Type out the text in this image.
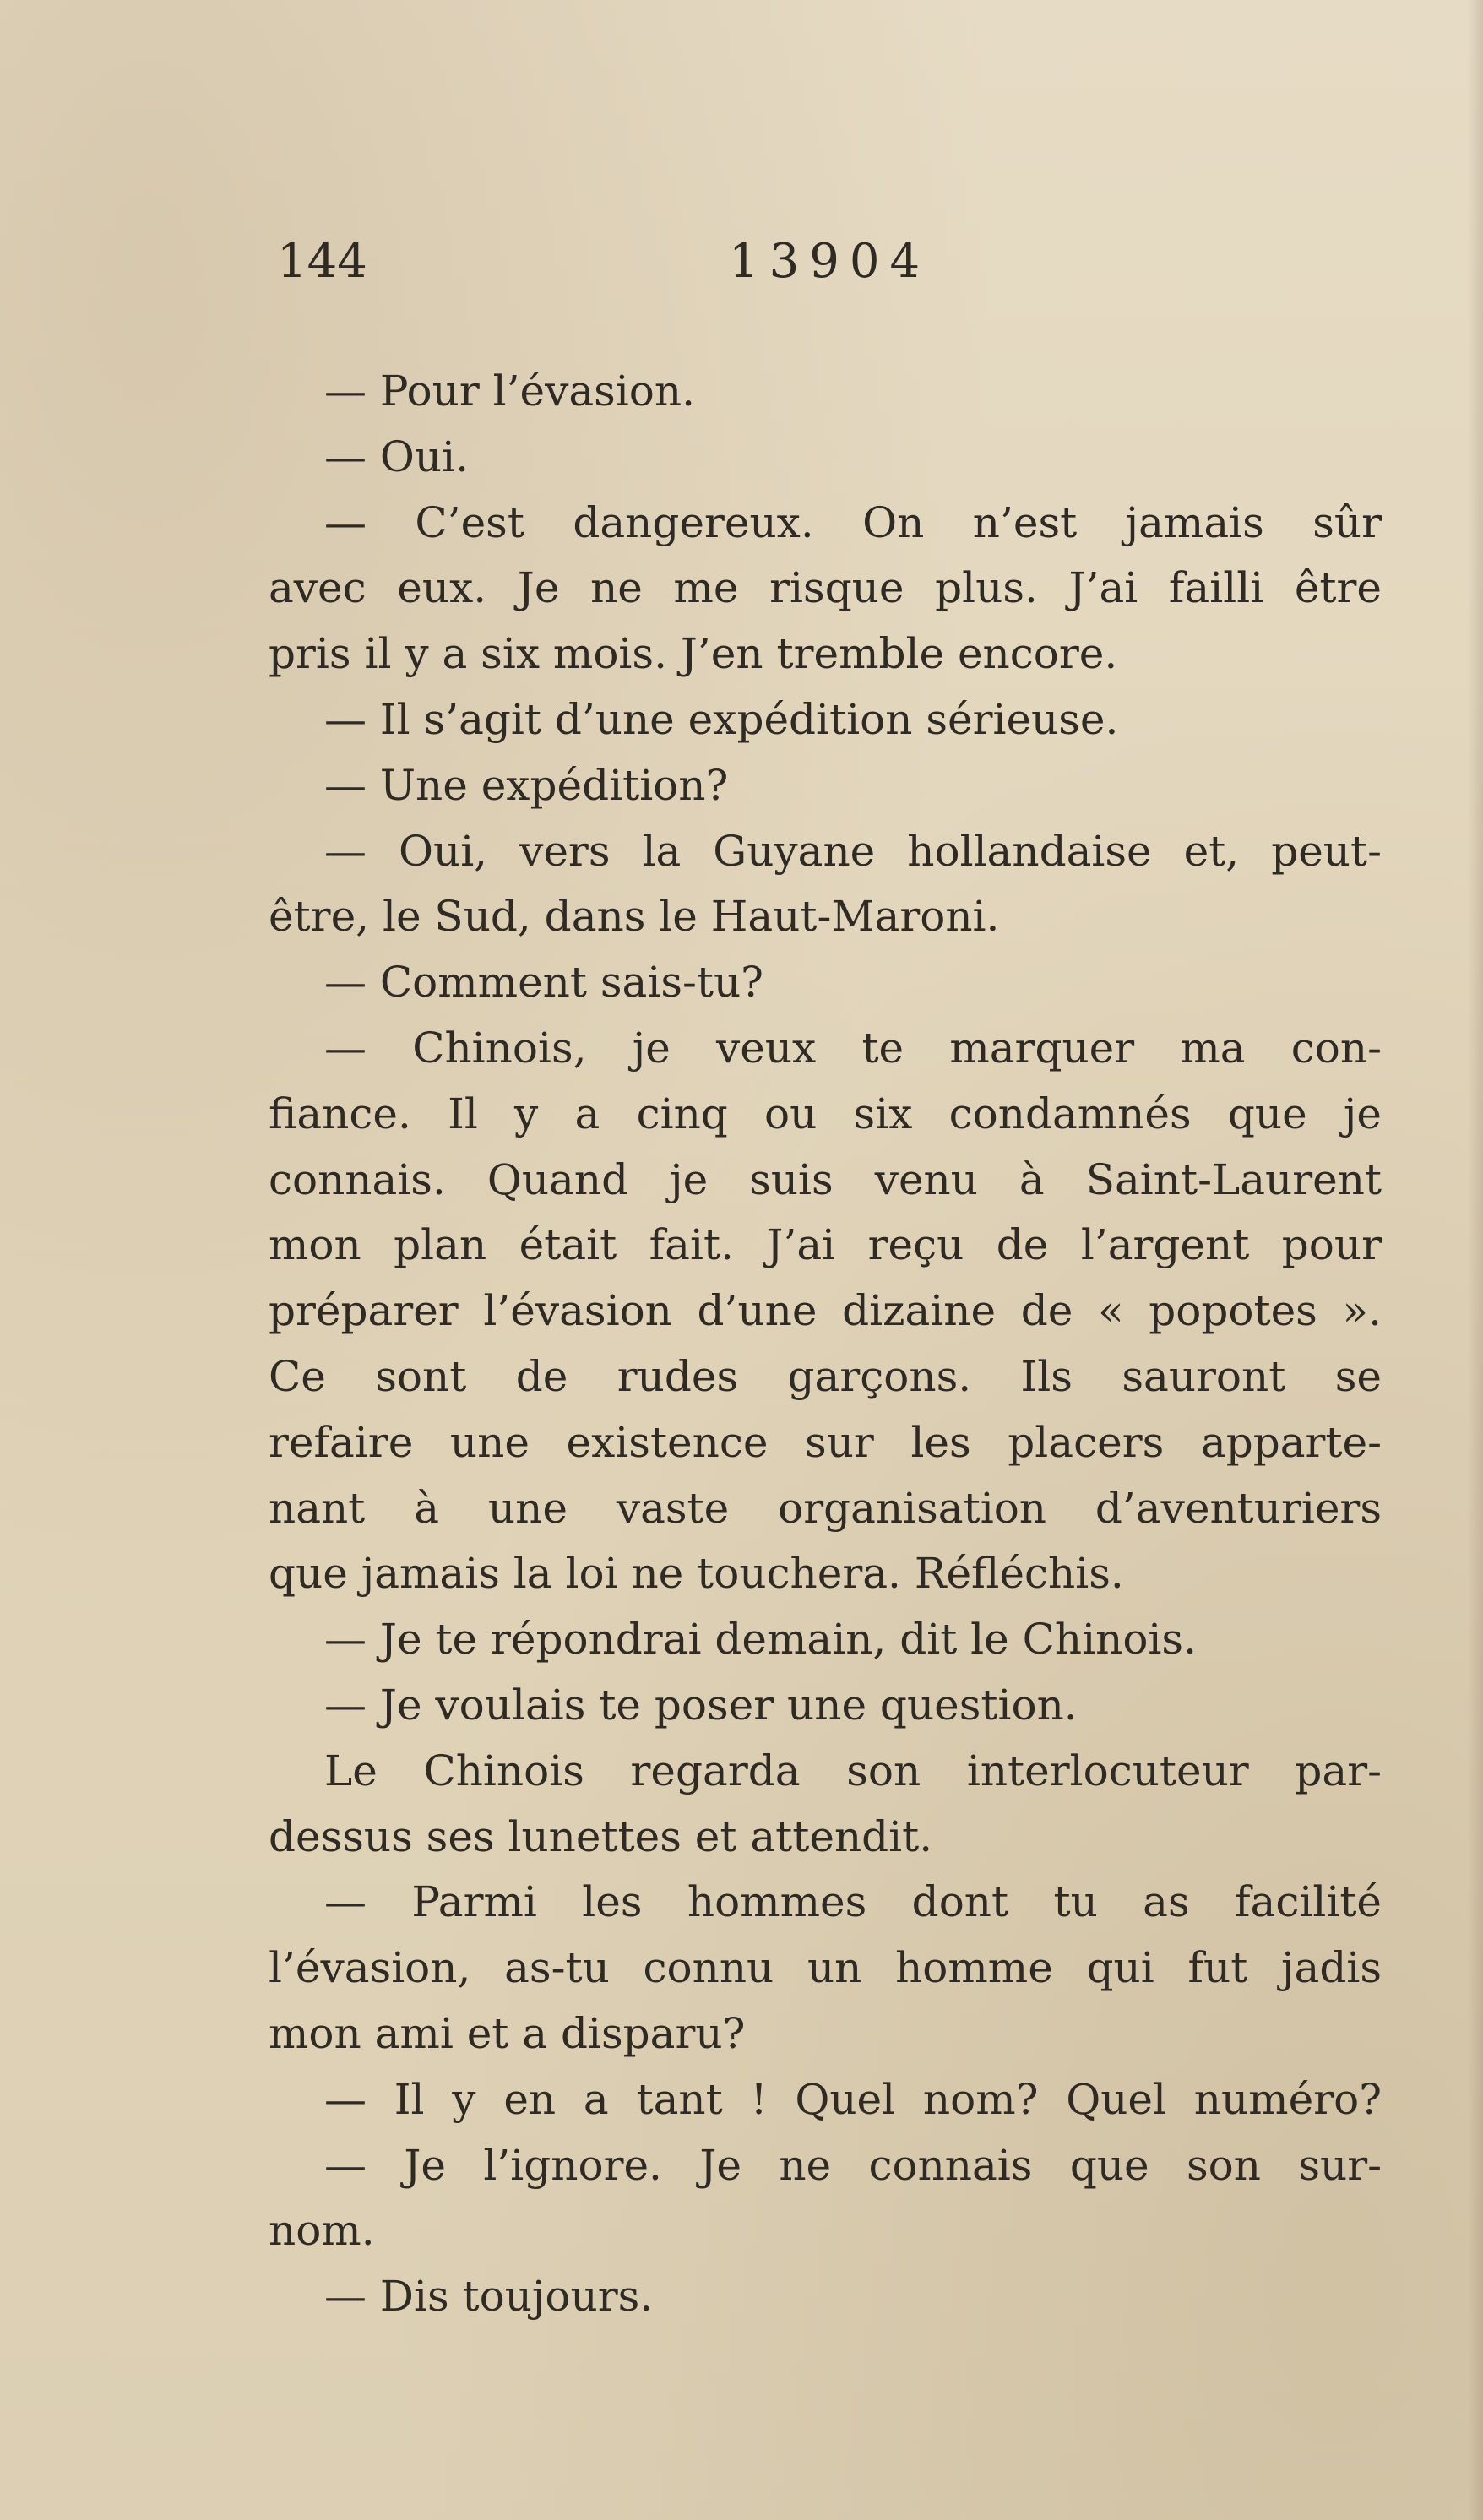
144	13904
— Pour l’évasion.
— Oui.
— C’est dangereux. On n’est jamais sûr
avec eux. Je ne me risque plus. J’ai failli être
pris il y a six mois. J’en tremble encore.
— Il s’agit d’une expédition sérieuse.
— Une expédition?
— Oui, vers la Guyane hollandaise et, peut-
être, le Sud, dans le Haut-Maroni.
— Comment sais-tu?
— Chinois, je veux te marquer ma con-
fiance. Il y a cinq ou six condamnés que je
connais. Quand je suis venu à Saint-Laurent
mon plan était fait. J’ai reçu de l’argent pour
préparer l’évasion d’une dizaine de « popotes ».
Ce sont de rudes garçons. Ils sauront se
refaire une existence sur les placers apparte-
nant à une vaste organisation d’aventuriers
que jamais la loi ne touchera. Réfléchis.
— Je te répondrai demain, dit le Chinois.
— Je voulais te poser une question.
Le Chinois regarda son interlocuteur par-
dessus ses lunettes et attendit.
— Parmi les hommes dont tu as facilité
l’évasion, as-tu connu un homme qui fut jadis
mon ami et a disparu?
— Il y en a tant ! Quel nom? Quel numéro?
— Je l’ignore. Je ne connais que son sur-
nom.
— Dis toujours.
